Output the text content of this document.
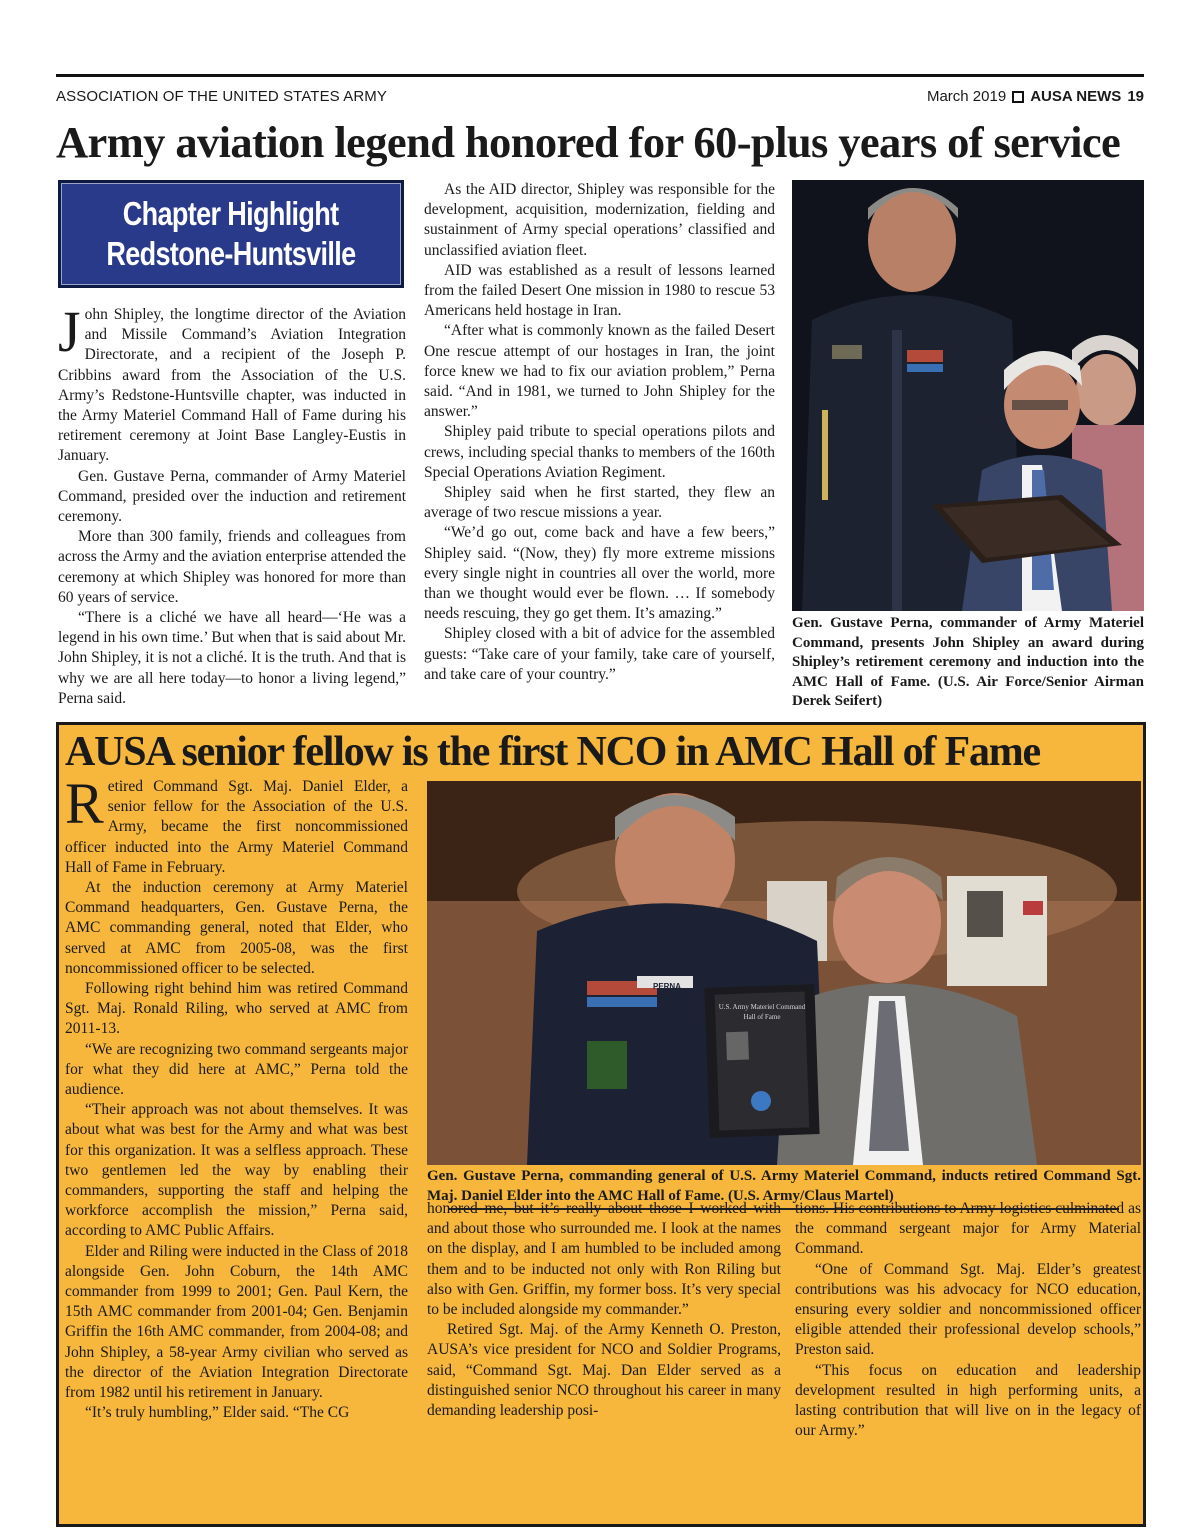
ASSOCIATION OF THE UNITED STATES ARMY	March 2019 AUSA NEWS 19
Army aviation legend honored for 60-plus years of service
Chapter Highlight
Redstone-Huntsville

John Shipley, the longtime director of the Aviation and Missile Command’s Aviation Integration Directorate, and a recipient of the Joseph P. Cribbins award from the Association of the U.S. Army’s Redstone-Huntsville chapter, was inducted in the Army Materiel Command Hall of Fame during his retirement ceremony at Joint Base Langley-Eustis in January.

Gen. Gustave Perna, commander of Army Materiel Command, presided over the induction and retirement ceremony.

More than 300 family, friends and colleagues from across the Army and the aviation enterprise attended the ceremony at which Shipley was honored for more than 60 years of service.

“There is a cliché we have all heard—‘He was a legend in his own time.’ But when that is said about Mr. John Shipley, it is not a cliché. It is the truth. And that is why we are all here today—to honor a living legend,” Perna said.

As the AID director, Shipley was responsible for the development, acquisition, modernization, fielding and sustainment of Army special operations’ classified and unclassified aviation fleet.

AID was established as a result of lessons learned from the failed Desert One mission in 1980 to rescue 53 Americans held hostage in Iran.

“After what is commonly known as the failed Desert One rescue attempt of our hostages in Iran, the joint force knew we had to fix our aviation problem,” Perna said. “And in 1981, we turned to John Shipley for the answer.”

Shipley paid tribute to special operations pilots and crews, including special thanks to members of the 160th Special Operations Aviation Regiment.

Shipley said when he first started, they flew an average of two rescue missions a year.

“We’d go out, come back and have a few beers,” Shipley said. “(Now, they) fly more extreme missions every single night in countries all over the world, more than we thought would ever be flown. … If somebody needs rescuing, they go get them. It’s amazing.”

Shipley closed with a bit of advice for the assembled guests: “Take care of your family, take care of yourself, and take care of your country.”

Gen. Gustave Perna, commander of Army Materiel Command, presents John Shipley an award during Shipley’s retirement ceremony and induction into the AMC Hall of Fame. (U.S. Air Force/Senior Airman Derek Seifert)
AUSA senior fellow is the first NCO in AMC Hall of Fame

Retired Command Sgt. Maj. Daniel Elder, a senior fellow for the Association of the U.S. Army, became the first noncommissioned officer inducted into the Army Materiel Command Hall of Fame in February.

At the induction ceremony at Army Materiel Command headquarters, Gen. Gustave Perna, the AMC commanding general, noted that Elder, who served at AMC from 2005-08, was the first noncommissioned officer to be selected.

Following right behind him was retired Command Sgt. Maj. Ronald Riling, who served at AMC from 2011-13.

“We are recognizing two command sergeants major for what they did here at AMC,” Perna told the audience.

“Their approach was not about themselves. It was about what was best for the Army and what was best for this organization. It was a selfless approach. These two gentlemen led the way by enabling their commanders, supporting the staff and helping the workforce accomplish the mission,” Perna said, according to AMC Public Affairs.

Elder and Riling were inducted in the Class of 2018 alongside Gen. John Coburn, the 14th AMC commander from 1999 to 2001; Gen. Paul Kern, the 15th AMC commander from 2001-04; Gen. Benjamin Griffin the 16th AMC commander, from 2004-08; and John Shipley, a 58-year Army civilian who served as the director of the Aviation Integration Directorate from 1982 until his retirement in January.

“It’s truly humbling,” Elder said. “The CG

U.S. Army Materiel Command
Hall of Fame
PERNA
Gen. Gustave Perna, commanding general of U.S. Army Materiel Command, inducts retired Command Sgt. Maj. Daniel Elder into the AMC Hall of Fame. (U.S. Army/Claus Martel)

honored me, but it’s really about those I worked with and about those who surrounded me. I look at the names on the display, and I am humbled to be included among them and to be inducted not only with Ron Riling but also with Gen. Griffin, my former boss. It’s very special to be included alongside my commander.”

Retired Sgt. Maj. of the Army Kenneth O. Preston, AUSA’s vice president for NCO and Soldier Programs, said, “Command Sgt. Maj. Dan Elder served as a distinguished senior NCO throughout his career in many demanding leadership posi-

tions. His contributions to Army logistics culminated as the command sergeant major for Army Material Command.

“One of Command Sgt. Maj. Elder’s greatest contributions was his advocacy for NCO education, ensuring every soldier and noncommissioned officer eligible attended their professional develop schools,” Preston said.

“This focus on education and leadership development resulted in high performing units, a lasting contribution that will live on in the legacy of our Army.”
